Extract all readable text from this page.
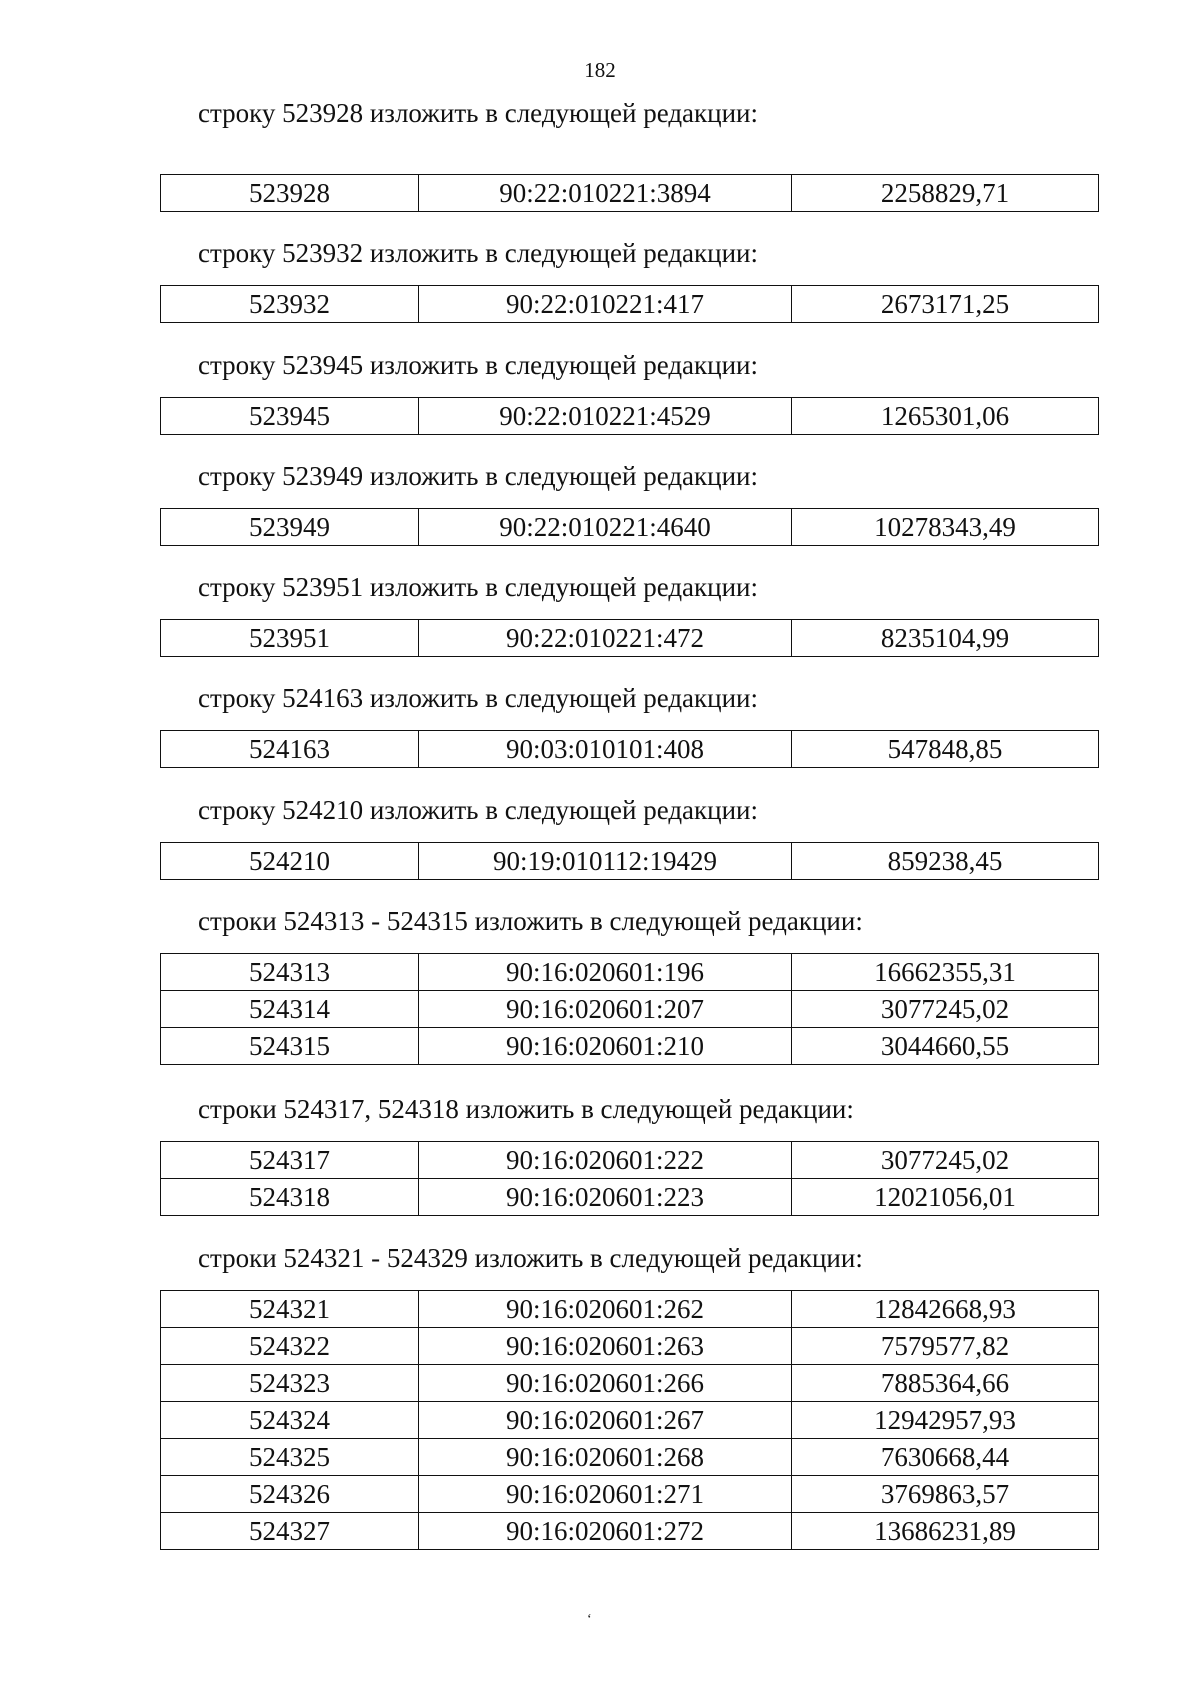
182
строку 523928 изложить в следующей редакции:
523928	90:22:010221:3894	2258829,71
строку 523932 изложить в следующей редакции:
523932	90:22:010221:417	2673171,25
строку 523945 изложить в следующей редакции:
523945	90:22:010221:4529	1265301,06
строку 523949 изложить в следующей редакции:
523949	90:22:010221:4640	10278343,49
строку 523951 изложить в следующей редакции:
523951	90:22:010221:472	8235104,99
строку 524163 изложить в следующей редакции:
524163	90:03:010101:408	547848,85
строку 524210 изложить в следующей редакции:
524210	90:19:010112:19429	859238,45
строки 524313 - 524315 изложить в следующей редакции:
524313	90:16:020601:196	16662355,31
524314	90:16:020601:207	3077245,02
524315	90:16:020601:210	3044660,55
строки 524317, 524318 изложить в следующей редакции:
524317	90:16:020601:222	3077245,02
524318	90:16:020601:223	12021056,01
строки 524321 - 524329 изложить в следующей редакции:
524321	90:16:020601:262	12842668,93
524322	90:16:020601:263	7579577,82
524323	90:16:020601:266	7885364,66
524324	90:16:020601:267	12942957,93
524325	90:16:020601:268	7630668,44
524326	90:16:020601:271	3769863,57
524327	90:16:020601:272	13686231,89
‘
